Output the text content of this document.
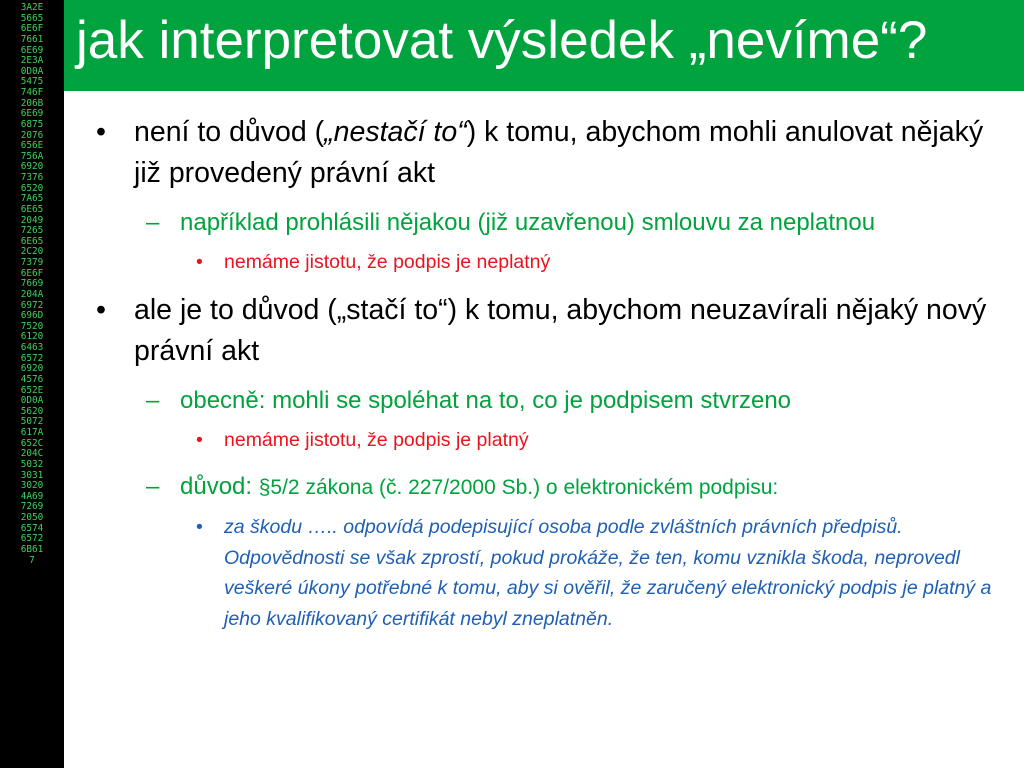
3A2E
5665
6E6F
7661
6E69
2E3A
0D0A
5475
746F
206B
6E69
6875
2076
656E
756A
6920
7376
6520
7A65
6E65
2049
7265
6E65
2C20
7379
6E6F
7669
204A
6972
696D
7520
6120
6463
6572
6920
4576
652E
0D0A
5620
5072
617A
652C
204C
5032
3031
3020
4A69
7269
2050
6574
6572
6B61
7
jak interpretovat výsledek „nevíme“?
• není to důvod („nestačí to“) k tomu, abychom mohli anulovat nějaký již provedený právní akt
– například prohlásili nějakou (již uzavřenou) smlouvu za neplatnou
• nemáme jistotu, že podpis je neplatný
• ale je to důvod („stačí to“) k tomu, abychom neuzavírali nějaký nový právní akt
– obecně: mohli se spoléhat na to, co je podpisem stvrzeno
• nemáme jistotu, že podpis je platný
– důvod: §5/2 zákona (č. 227/2000 Sb.) o elektronickém podpisu:
• za škodu ….. odpovídá podepisující osoba podle zvláštních právních předpisů. Odpovědnosti se však zprostí, pokud prokáže, že ten, komu vznikla škoda, neprovedl veškeré úkony potřebné k tomu, aby si ověřil, že zaručený elektronický podpis je platný a jeho kvalifikovaný certifikát nebyl zneplatněn.
